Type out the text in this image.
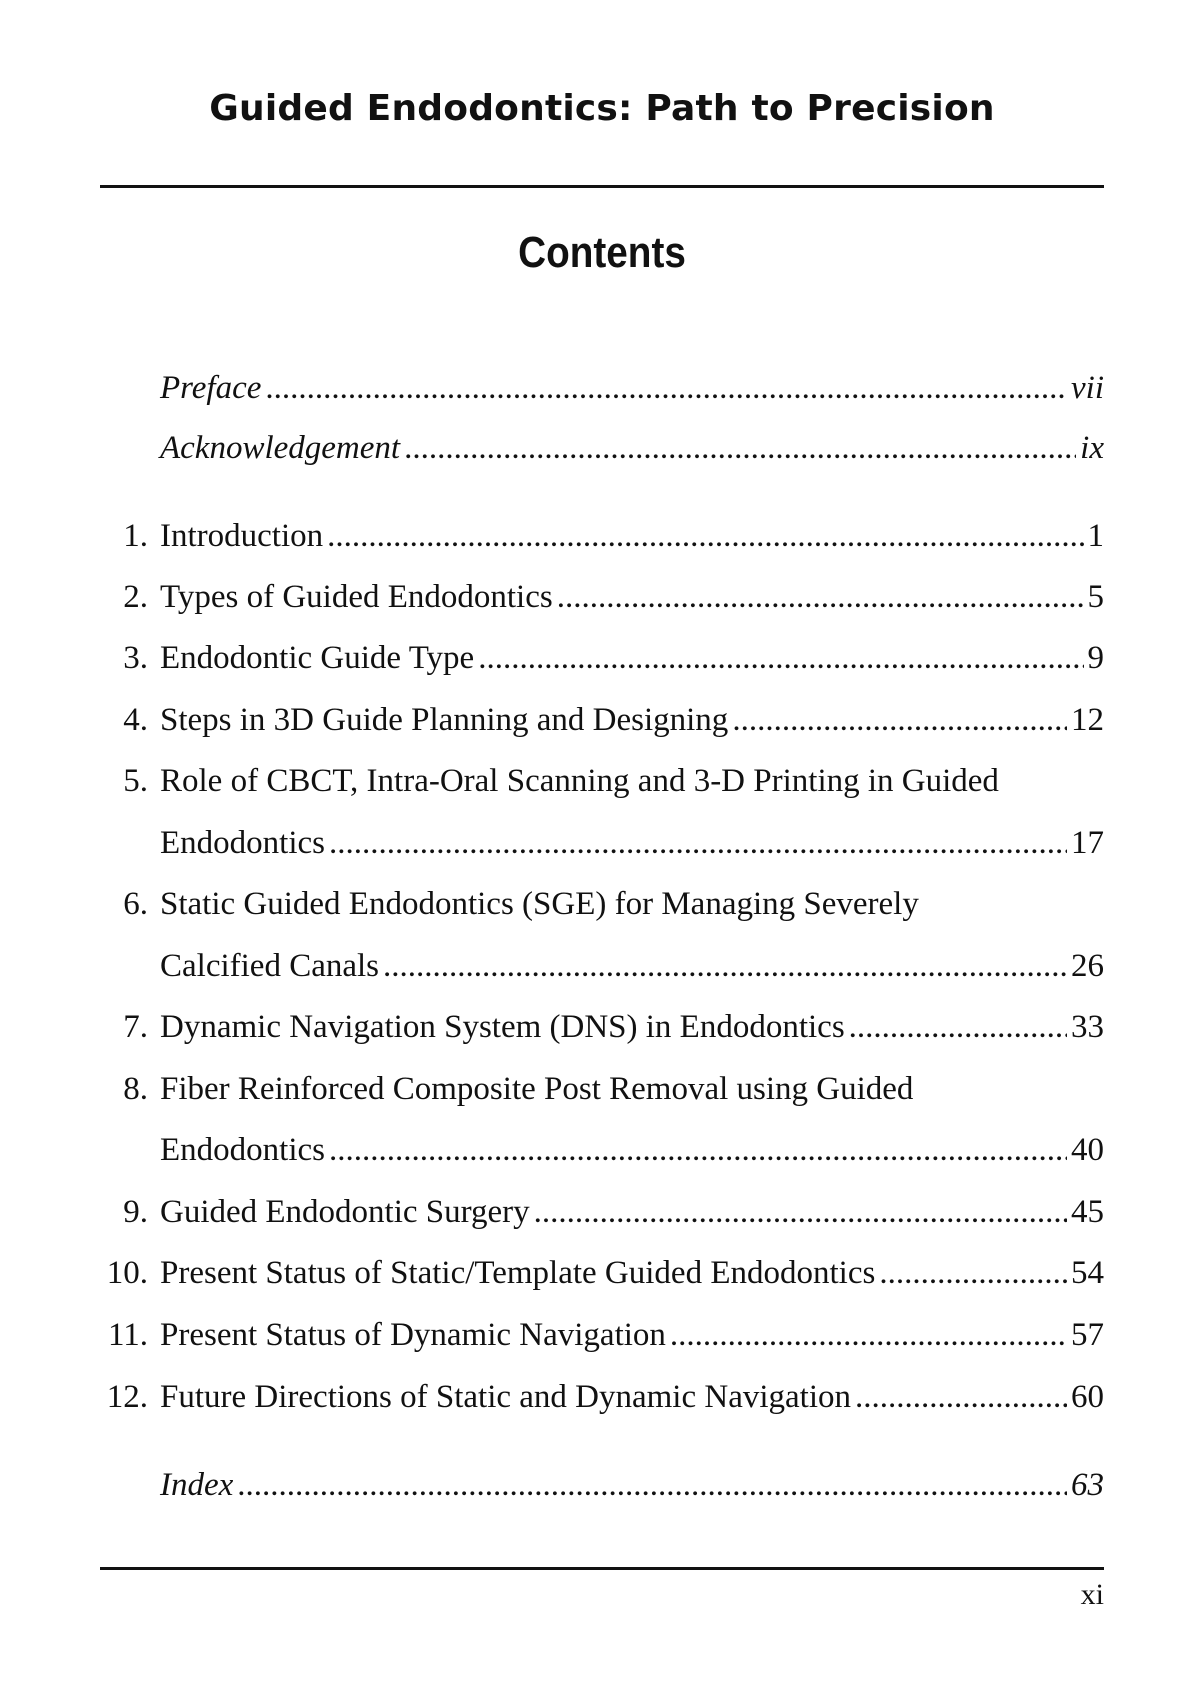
Guided Endodontics: Path to Precision
Contents
Preface .....	vii
Acknowledgement .....	ix
1. Introduction .....	1
2. Types of Guided Endodontics .....	5
3. Endodontic Guide Type .....	9
4. Steps in 3D Guide Planning and Designing .....	12
5. Role of CBCT, Intra-Oral Scanning and 3-D Printing in Guided
Endodontics .....	17
6. Static Guided Endodontics (SGE) for Managing Severely
Calcified Canals .....	26
7. Dynamic Navigation System (DNS) in Endodontics .....	33
8. Fiber Reinforced Composite Post Removal using Guided
Endodontics .....	40
9. Guided Endodontic Surgery .....	45
10. Present Status of Static/Template Guided Endodontics .....	54
11. Present Status of Dynamic Navigation .....	57
12. Future Directions of Static and Dynamic Navigation .....	60
Index .....	63
xi
